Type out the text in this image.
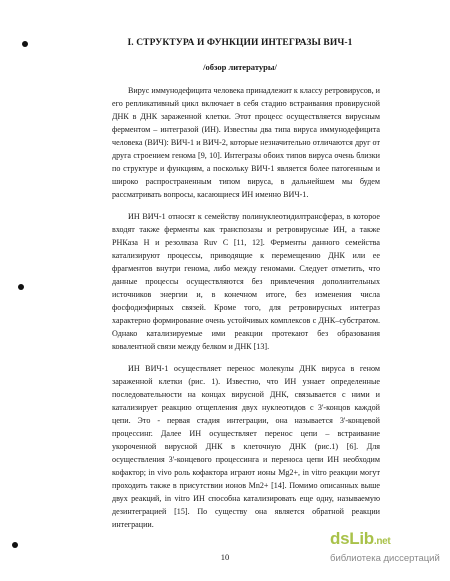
I. СТРУКТУРА И ФУНКЦИИ ИНТЕГРАЗЫ ВИЧ-1
/обзор литературы/

Вирус иммунодефицита человека принадлежит к классу ретровирусов, и его репликативный цикл включает в себя стадию встраивания провирусной ДНК в ДНК зараженной клетки. Этот процесс осуществляется вирусным ферментом – интегразой (ИН). Известны два типа вируса иммунодефицита человека (ВИЧ): ВИЧ-1 и ВИЧ-2, которые незначительно отличаются друг от друга строением генома [9, 10]. Интегразы обоих типов вируса очень близки по структуре и функциям, а поскольку ВИЧ-1 является более патогенным и широко распространенным типом вируса, в дальнейшем мы будем рассматривать вопросы, касающиеся ИН именно ВИЧ-1.

ИН ВИЧ-1 относят к семейству полинуклеотидилтрансфераз, в которое входят также ферменты как транспозазы и ретровирусные ИН, а также РНКаза H и резолваза Ruv C [11, 12]. Ферменты данного семейства катализируют процессы, приводящие к перемещению ДНК или ее фрагментов внутри генома, либо между геномами. Следует отметить, что данные процессы осуществляются без привлечения дополнительных источников энергии и, в конечном итоге, без изменения числа фосфодиэфирных связей. Кроме того, для ретровирусных интеграз характерно формирование очень устойчивых комплексов с ДНК–субстратом. Однако катализируемые ими реакции протекают без образования ковалентной связи между белком и ДНК [13].

ИН ВИЧ-1 осуществляет перенос молекулы ДНК вируса в геном зараженной клетки (рис. 1). Известно, что ИН узнает определенные последовательности на концах вирусной ДНК, связывается с ними и катализирует реакцию отщепления двух нуклеотидов с 3'-концов каждой цепи. Это - первая стадия интеграции, она называется 3'-концевой процессинг. Далее ИН осуществляет перенос цепи – встраивание укороченной вирусной ДНК в клеточную ДНК (рис.1) [6]. Для осуществления 3'-концевого процессинга и переноса цепи ИН необходим кофактор; in vivo роль кофактора играют ионы Mg2+, in vitro реакции могут проходить также в присутствии ионов Mn2+ [14]. Помимо описанных выше двух реакций, in vitro ИН способна катализировать еще одну, называемую дезинтеграцией [15]. По существу она является обратной реакции интеграции.

10
dsLib.net
библиотека диссертаций
